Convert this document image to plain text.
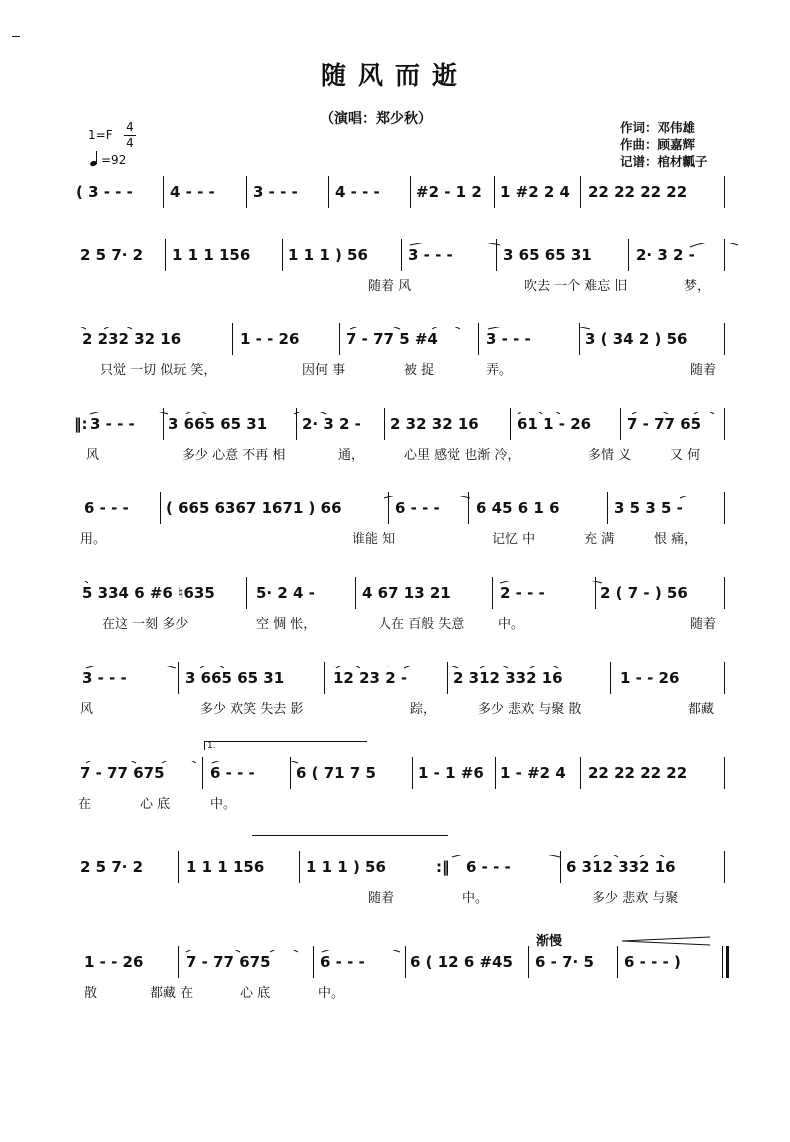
随风而逝
（演唱：郑少秋）
作词：邓伟雄
作曲：顾嘉辉
记谱：棺材瓤子
1=F
4
4
=92

( 3 - - -

4 - - -

	3 - - -

4 - - -

#2 - 1 2

1 #2 2 4

22 22 22 22

2 5 7· 2

1 1 1 156

	1 1 1 ) 56

	3 - - -

	3 65 65 31

	2· 3 2 -

随着 风

	吹去 一个 难忘 旧

	梦，

2 232 32 16

	1 - - 26

	7 - 77 5 #4

	3 - - -

	3 ( 34 2 ) 56

只觉 一切 似玩 笑，

	因何 事

	被 捉

	弄。

	随着

‖:

3 - - -

3 665 65 31

2· 3 2 -

2 32 32 16

	61 1 - 26

7 - 77 65

风

	多少 心意 不再 相

	通，

	心里 感觉 也渐 冷，

	多情 义

	又 何

6 - - -

( 665 6367 1671 ) 66

	6 - - -

6 45 6 1 6

	3 5 3 5 -

用。

	谁能 知

	记忆 中

	充 满

	恨 痛，

5 334 6 #6 ♮635

	5· 2 4 -

	4 67 13 21

	2 - - -

	2 ( 7 - ) 56

在这 一刻 多少

	空 惆 怅，

	人在 百般 失意

	中。

	随着

3 - - -

	3 665 65 31

	12 23 2 -

	2 312 332 16

	1 - - 26

风

	多少 欢笑 失去 影

	踪，

	多少 悲欢 与聚 散

	都藏

1.

7 - 77 675

	6 - - -

	6 ( 71 7 5

	1 - 1 #6

1 - #2 4

22 22 22 22

在

	心 底

	中。

:‖

2 5 7· 2

	1 1 1 156

	1 1 1 ) 56

	6 - - -

	6 312 332 16

随着

	中。

	多少 悲欢 与聚

渐慢

1 - - 26

	7 - 77 675

	6 - - -

	6 ( 12 6 #45

6 - 7· 5

6 - - - )

散

	都藏 在

	心 底

	中。
